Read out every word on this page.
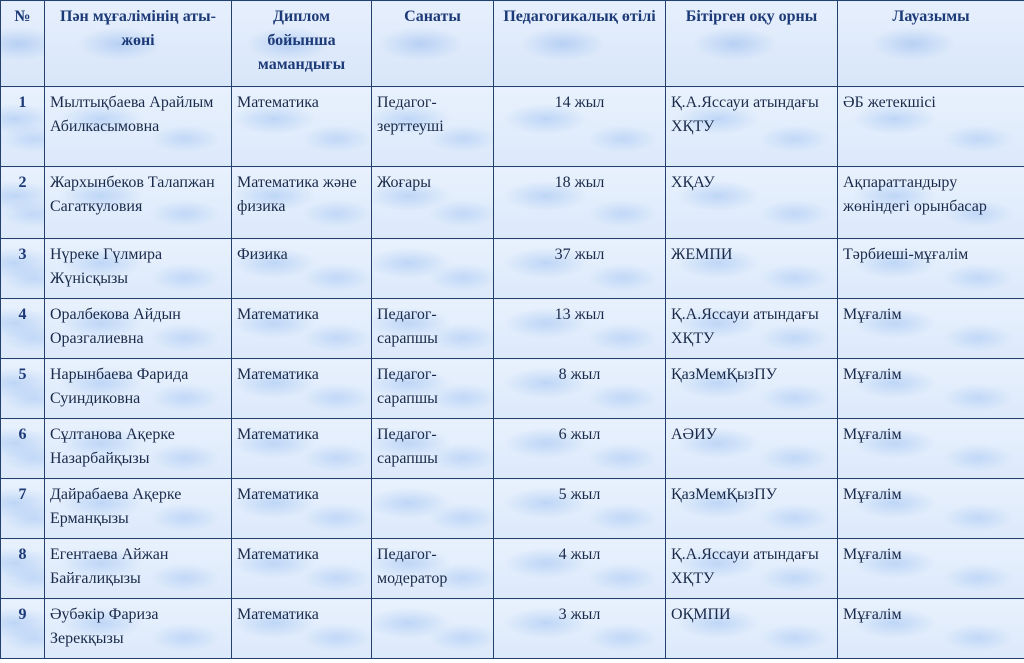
№	Пән мұғалімінің аты-жөні	Диплом бойынша мамандығы	Санаты	Педагогикалық өтілі	Бітірген оқу орны	Лауазымы
1	Мылтықбаева Арайлым Абилкасымовна	Математика	Педагог-зерттеуші	14 жыл	Қ.А.Яссауи атындағы ХҚТУ	ӘБ жетекшісі
2	Жархынбеков Талапжан Сагаткуловия	Математика және физика	Жоғары	18 жыл	ХҚАУ	Ақпараттандыру жөніндегі орынбасар
3	Нүреке Гүлмира Жүнісқызы	Физика		37 жыл	ЖЕМПИ	Тәрбиеші-мұғалім
4	Оралбекова Айдын Оразгалиевна	Математика	Педагог-сарапшы	13 жыл	Қ.А.Яссауи атындағы ХҚТУ	Мұғалім
5	Нарынбаева Фарида Суиндиковна	Математика	Педагог-сарапшы	8 жыл	ҚазМемҚызПУ	Мұғалім
6	Сұлтанова Ақерке Назарбайқызы	Математика	Педагог-сарапшы	6 жыл	АӘИУ	Мұғалім
7	Дайрабаева Ақерке Ерманқызы	Математика		5 жыл	ҚазМемҚызПУ	Мұғалім
8	Егентаева Айжан Байғалиқызы	Математика	Педагог-модератор	4 жыл	Қ.А.Яссауи атындағы ХҚТУ	Мұғалім
9	Әубәкір Фариза Зерекқызы	Математика		3 жыл	ОҚМПИ	Мұғалім
